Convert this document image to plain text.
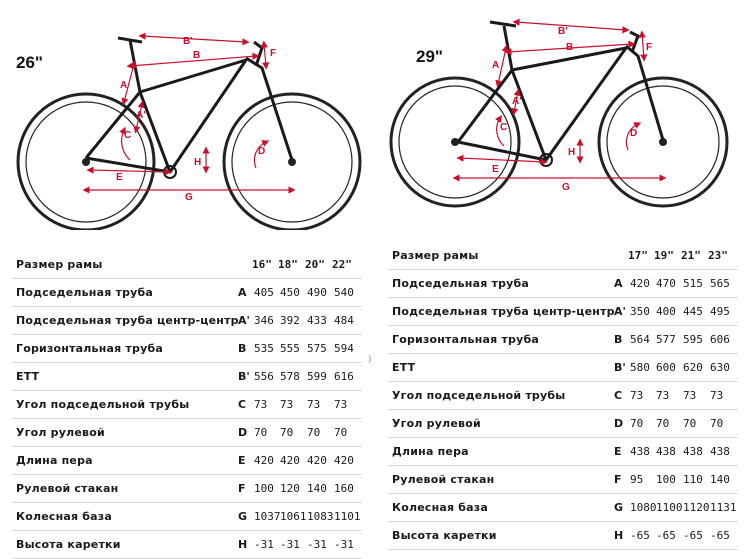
B'
B
A
A'
C
D
E
G
F
H
26"
B'
B
A
A'
C
D
E
G
F
H
29"
Размер рамы	16" 18" 20" 22"
Подседельная труба	A 405 450 490 540
Подседельная труба центр-центр A' 346 392 433 484
Горизонтальная труба	B 535 555 575 594
ETT	B' 556 578 599 616
Угол подседельной трубы	C 73 73 73 73
Угол рулевой	D 70 70 70 70
Длина пера	E 420 420 420 420
Рулевой стакан	F 100 120 140 160
Колесная база	G 1037 1061 1083 1101
Высота каретки	H -31 -31 -31 -31
Размер рамы	17" 19" 21" 23"
Подседельная труба	A 420 470 515 565
Подседельная труба центр-центр A' 350 400 445 495
Горизонтальная труба	B 564 577 595 606
ETT	B' 580 600 620 630
Угол подседельной трубы	C 73 73 73 73
Угол рулевой	D 70 70 70 70
Длина пера	E 438 438 438 438
Рулевой стакан	F 95 100 110 140
Колесная база	G 1080 1100 1120 1131
Высота каретки	H -65 -65 -65 -65
)
